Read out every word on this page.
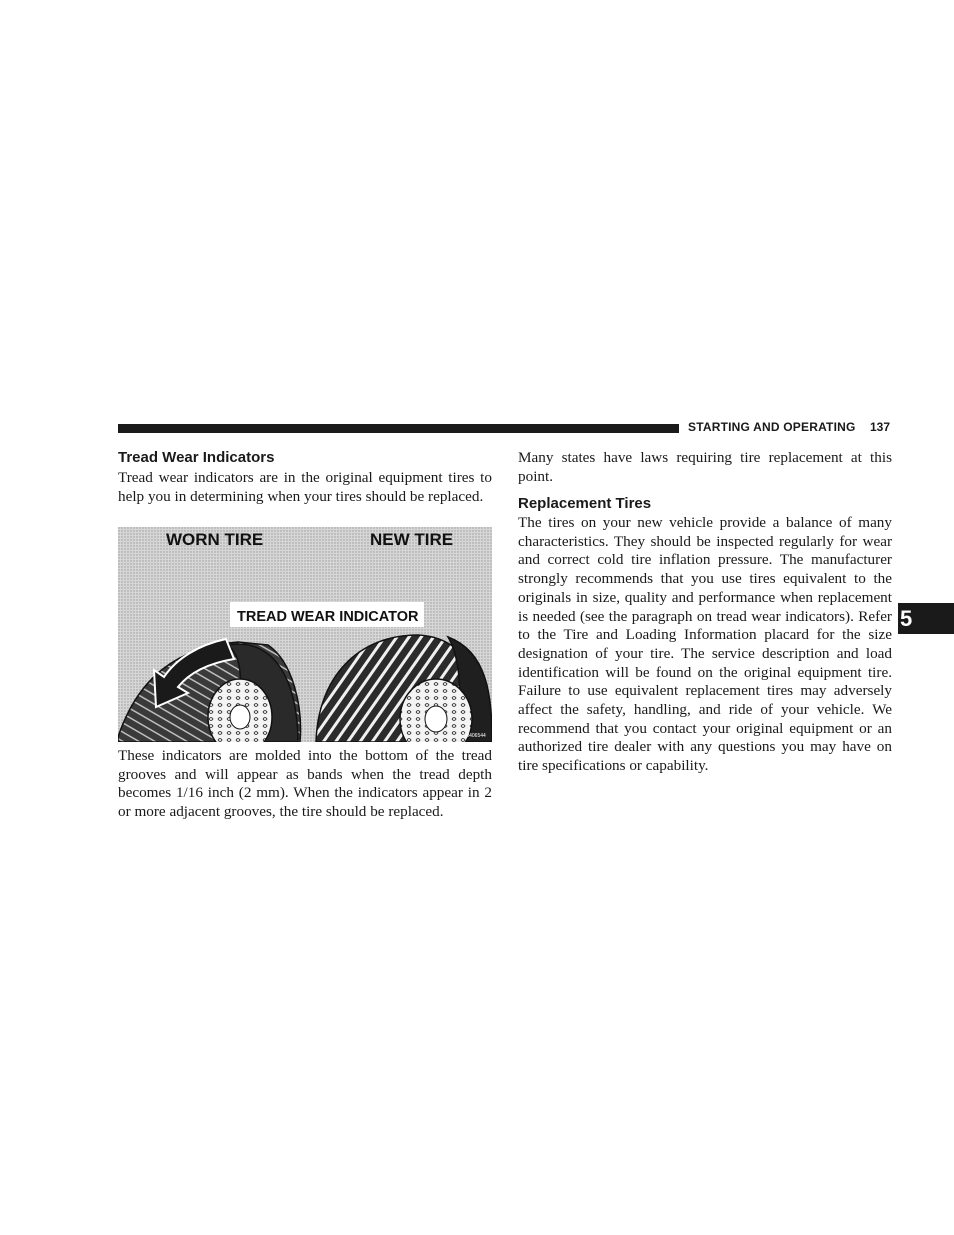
STARTING AND OPERATING 137
5
Tread Wear Indicators

Tread wear indicators are in the original equipment tires to help you in determining when your tires should be replaced.

TREAD WEAR INDICATOR
WORN TIRE	NEW TIRE
S0406544

These indicators are molded into the bottom of the tread grooves and will appear as bands when the tread depth becomes 1/16 inch (2 mm). When the indicators appear in 2 or more adjacent grooves, the tire should be replaced.

Many states have laws requiring tire replacement at this point.

Replacement Tires

The tires on your new vehicle provide a balance of many characteristics. They should be inspected regularly for wear and correct cold tire inflation pressure. The manufacturer strongly recommends that you use tires equivalent to the originals in size, quality and performance when replacement is needed (see the paragraph on tread wear indicators). Refer to the Tire and Loading Information placard for the size designation of your tire. The service description and load identification will be found on the original equipment tire. Failure to use equivalent replacement tires may adversely affect the safety, handling, and ride of your vehicle. We recommend that you contact your original equipment or an authorized tire dealer with any questions you may have on tire specifications or capability.
